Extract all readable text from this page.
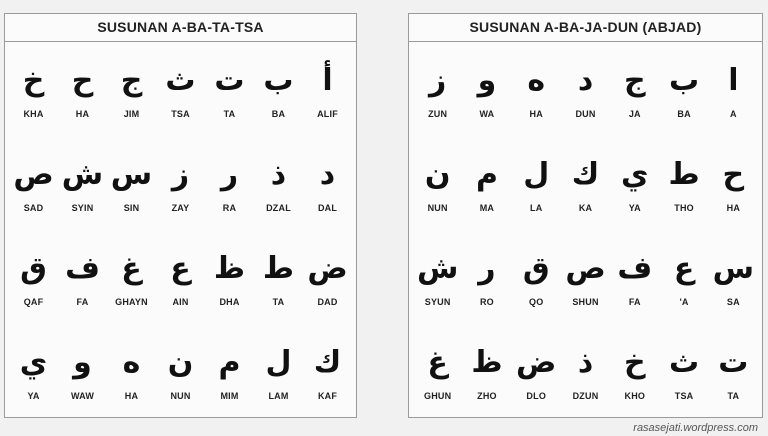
SUSUNAN A-BA-TA-TSA
أ
ALIF
ب
BA
ت
TA
ث
TSA
ج
JIM
ح
HA
خ
KHA
د
DAL
ذ
DZAL
ر
RA
ز
ZAY
س
SIN
ش
SYIN
ص
SAD
ض
DAD
ط
TA
ظ
DHA
ع
AIN
غ
GHAYN
ف
FA
ق
QAF
ك
KAF
ل
LAM
م
MIM
ن
NUN
ه
HA
و
WAW
ي
YA
SUSUNAN A-BA-JA-DUN (ABJAD)
ا
A
ب
BA
ج
JA
د
DUN
ه
HA
و
WA
ز
ZUN
ح
HA
ط
THO
ي
YA
ك
KA
ل
LA
م
MA
ن
NUN
س
SA
ع
'A
ف
FA
ص
SHUN
ق
QO
ر
RO
ش
SYUN
ت
TA
ث
TSA
خ
KHO
ذ
DZUN
ض
DLO
ظ
ZHO
غ
GHUN
rasasejati.wordpress.com
